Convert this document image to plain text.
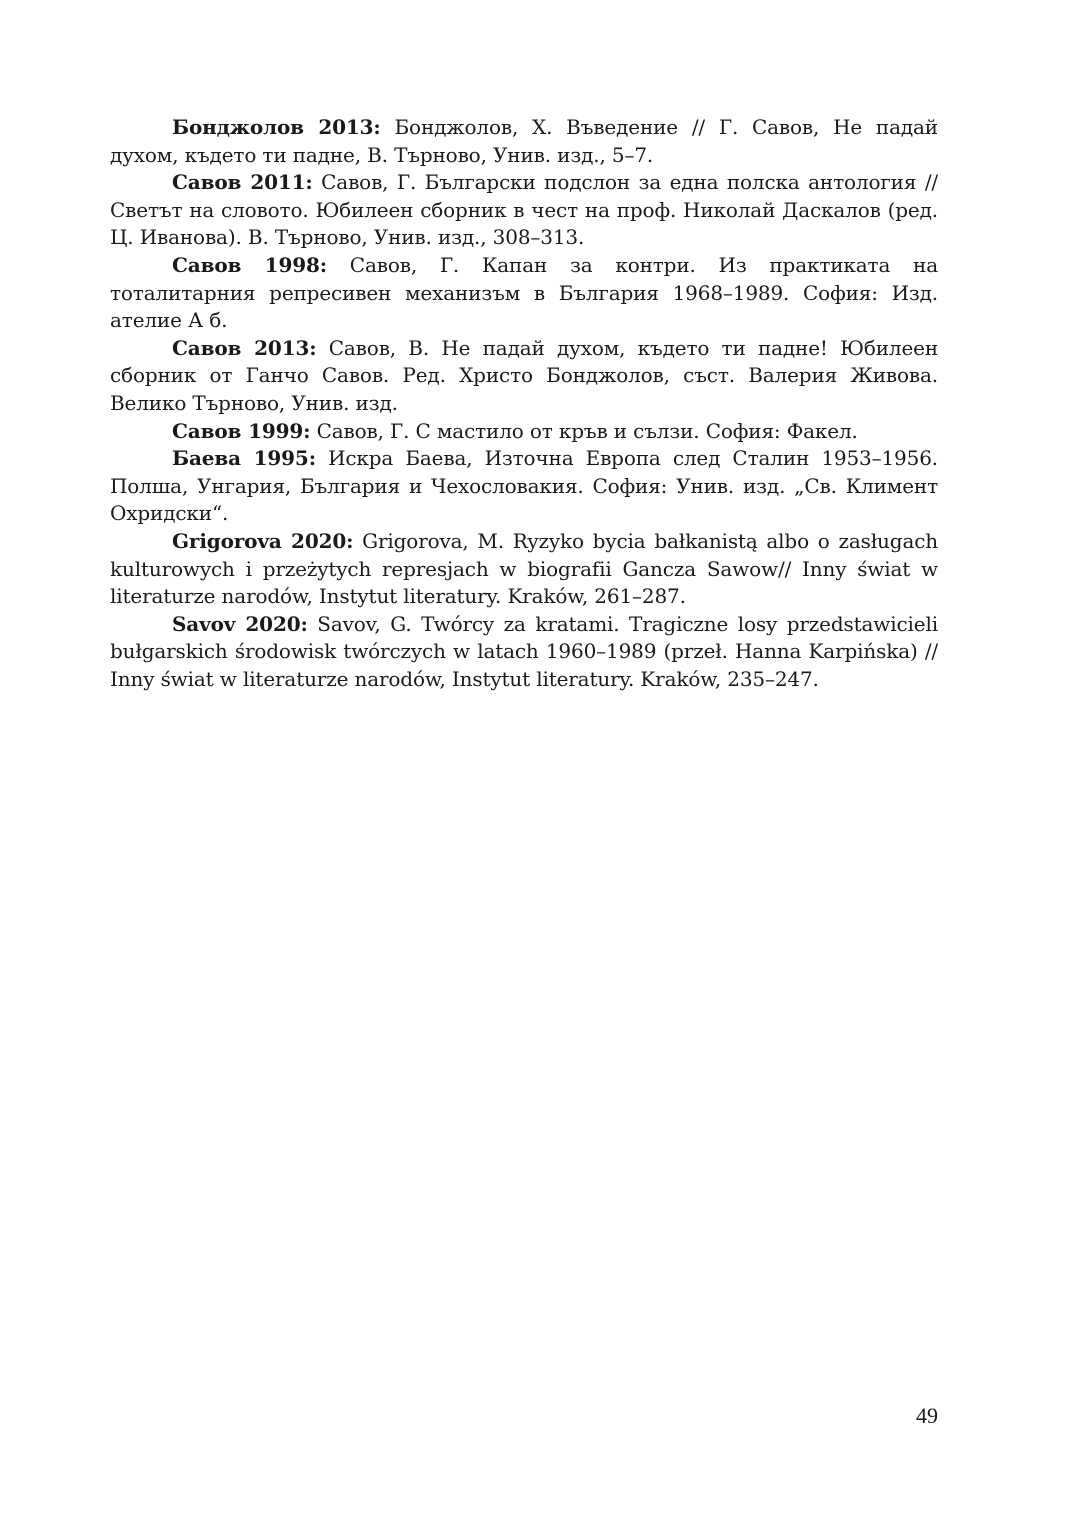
Бонджолов 2013: Бонджолов, Х. Въведение // Г. Савов, Не падай духом, където ти падне, В. Търново, Унив. изд., 5–7.

Савов 2011: Савов, Г. Български подслон за една полска антология // Светът на словото. Юбилеен сборник в чест на проф. Николай Даскалов (ред. Ц. Иванова). В. Търново, Унив. изд., 308–313.

Савов 1998: Савов, Г. Капан за контри. Из практиката на тоталитарния репресивен механизъм в България 1968–1989. София: Изд. ателие А б.

Савов 2013: Савов, В. Не падай духом, където ти падне! Юбилеен сборник от Ганчо Савов. Ред. Христо Бонджолов, съст. Валерия Живова. Велико Търново, Унив. изд.

Савов 1999: Савов, Г. С мастило от кръв и сълзи. София: Факел.

Баева 1995: Искра Баева, Източна Европа след Сталин 1953–1956. Полша, Унгария, България и Чехословакия. София: Унив. изд. „Св. Климент Охридски“.

Grigorova 2020: Grigorova, M. Ryzyko bycia bałkanistą albo o zasługach kulturowych i przeżytych represjach w biografii Gancza Sawow// Inny świat w literaturze narodów, Instytut literatury. Kraków, 261–287.

Savov 2020: Savov, G. Twórcy za kratami. Tragiczne losy przedstawicieli bułgarskich środowisk twórczych w latach 1960–1989 (przeł. Hanna Karpińska) // Inny świat w literaturze narodów, Instytut literatury. Kraków, 235–247.

49
